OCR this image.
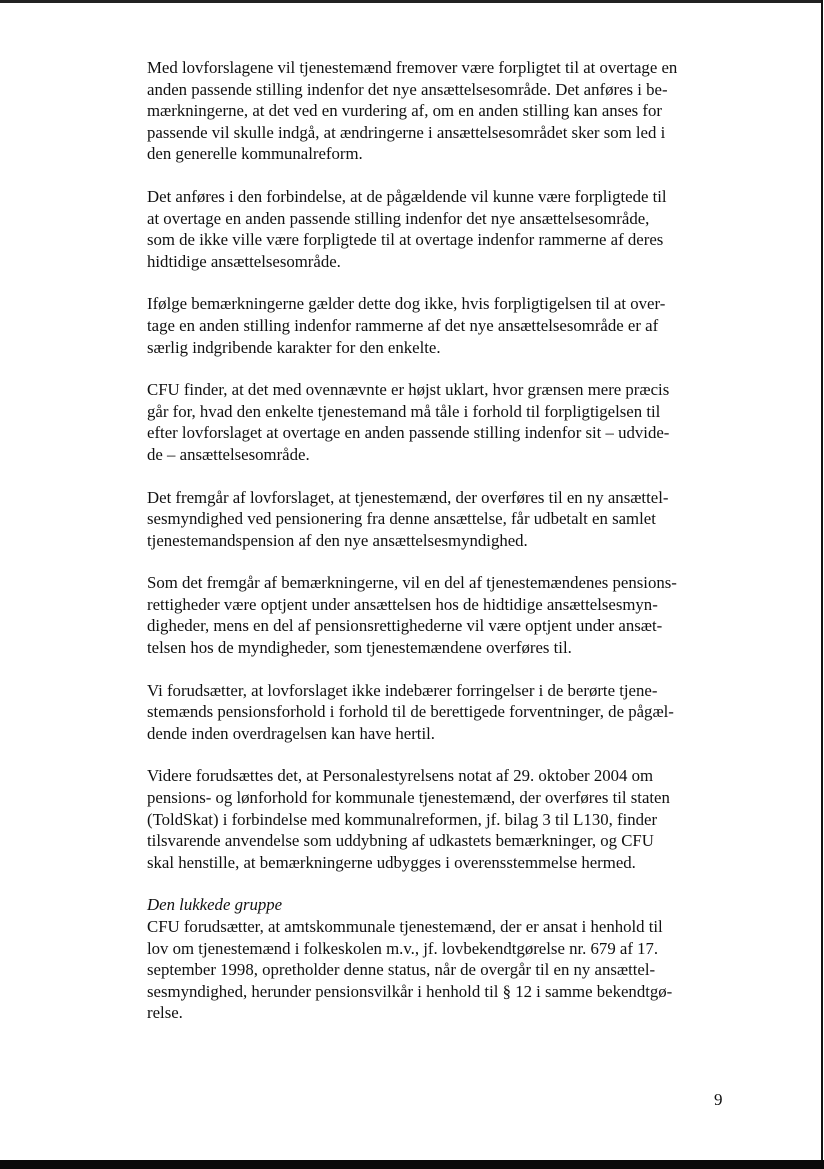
Med lovforslagene vil tjenestemænd fremover være forpligtet til at overtage en
anden passende stilling indenfor det nye ansættelsesområde. Det anføres i be-
mærkningerne, at det ved en vurdering af, om en anden stilling kan anses for
passende vil skulle indgå, at ændringerne i ansættelsesområdet sker som led i
den generelle kommunalreform.

Det anføres i den forbindelse, at de pågældende vil kunne være forpligtede til
at overtage en anden passende stilling indenfor det nye ansættelsesområde,
som de ikke ville være forpligtede til at overtage indenfor rammerne af deres
hidtidige ansættelsesområde.

Ifølge bemærkningerne gælder dette dog ikke, hvis forpligtigelsen til at over-
tage en anden stilling indenfor rammerne af det nye ansættelsesområde er af
særlig indgribende karakter for den enkelte.

CFU finder, at det med ovennævnte er højst uklart, hvor grænsen mere præcis
går for, hvad den enkelte tjenestemand må tåle i forhold til forpligtigelsen til
efter lovforslaget at overtage en anden passende stilling indenfor sit – udvide-
de – ansættelsesområde.

Det fremgår af lovforslaget, at tjenestemænd, der overføres til en ny ansættel-
sesmyndighed ved pensionering fra denne ansættelse, får udbetalt en samlet
tjenestemandspension af den nye ansættelsesmyndighed.

Som det fremgår af bemærkningerne, vil en del af tjenestemændenes pensions-
rettigheder være optjent under ansættelsen hos de hidtidige ansættelsesmyn-
digheder, mens en del af pensionsrettighederne vil være optjent under ansæt-
telsen hos de myndigheder, som tjenestemændene overføres til.

Vi forudsætter, at lovforslaget ikke indebærer forringelser i de berørte tjene-
stemænds pensionsforhold i forhold til de berettigede forventninger, de pågæl-
dende inden overdragelsen kan have hertil.

Videre forudsættes det, at Personalestyrelsens notat af 29. oktober 2004 om
pensions- og lønforhold for kommunale tjenestemænd, der overføres til staten
(ToldSkat) i forbindelse med kommunalreformen, jf. bilag 3 til L130, finder
tilsvarende anvendelse som uddybning af udkastets bemærkninger, og CFU
skal henstille, at bemærkningerne udbygges i overensstemmelse hermed.

Den lukkede gruppe

CFU forudsætter, at amtskommunale tjenestemænd, der er ansat i henhold til
lov om tjenestemænd i folkeskolen m.v., jf. lovbekendtgørelse nr. 679 af 17.
september 1998, opretholder denne status, når de overgår til en ny ansættel-
sesmyndighed, herunder pensionsvilkår i henhold til § 12 i samme bekendtgø-
relse.

9
